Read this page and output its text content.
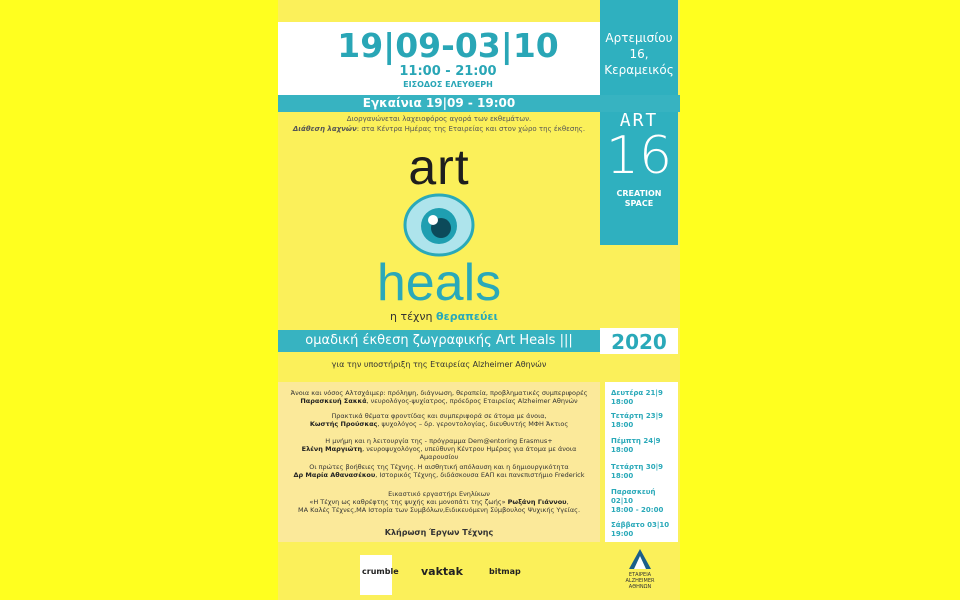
19|09-03|10
11:00 - 21:00
ΕΙΣΟΔΟΣ ΕΛΕΥΘΕΡΗ
Εγκαίνια 19|09 - 19:00
Αρτεμισίου
16,
Κεραμεικός
ART
16
CREATION
SPACE
Διοργανώνεται λαχειοφόρος αγορά των εκθεμάτων.
Διάθεση λαχνών: στα Κέντρα Ημέρας της Εταιρείας και στον χώρο της έκθεσης.
art
heals
η τέχνη θεραπεύει
ομαδική έκθεση ζωγραφικής Art Heals |||	2020
για την υποστήριξη της Εταιρείας Alzheimer Αθηνών
Άνοια και νόσος Αλτσχάιμερ: πρόληψη, διάγνωση, θεραπεία, προβληματικές συμπεριφορές
Παρασκευή Σακκά, νευρολόγος-ψυχίατρος, πρόεδρος Εταιρείας Alzheimer Αθηνών
Πρακτικά θέματα φροντίδας και συμπεριφορά σε άτομα με άνοια,
Κωστής Προύσκας, ψυχολόγος – δρ. γεροντολογίας, διευθυντής ΜΦΗ Άκτιος
Η μνήμη και η λειτουργία της - πρόγραμμα Dem@entoring Erasmus+
Ελένη Μαργιώτη, νευροψυχολόγος, υπεύθυνη Κέντρου Ημέρας για άτομα με άνοια Αμαρουσίου
Οι πρώτες βοήθειες της Τέχνης. Η αισθητική απόλαυση και η δημιουργικότητα
Δρ Μαρία Αθανασέκου, Ιστορικός Τέχνης, διδάσκουσα ΕΑΠ και πανεπιστήμιο Frederick
Εικαστικό εργαστήρι Ενηλίκων
«Η Τέχνη ως καθρέφτης της ψυχής και μονοπάτι της ζωής» Ρωξάνη Γιάννου,
ΜΑ Καλές Τέχνες,ΜΑ Ιστορία των Συμβόλων,Ειδικευόμενη Σύμβουλος Ψυχικής Υγείας.
Κλήρωση Έργων Τέχνης
Δευτέρα 21|9
18:00
Τετάρτη 23|9
18:00
Πέμπτη 24|9
18:00
Τετάρτη 30|9
18:00
Παρασκευή
02|10
18:00 - 20:00
Σάββατο 03|10
19:00
crumble vaktak	bitmap	ΕΤΑΙΡΕΙΑ ALZHEIMER ΑΘΗΝΩΝ
